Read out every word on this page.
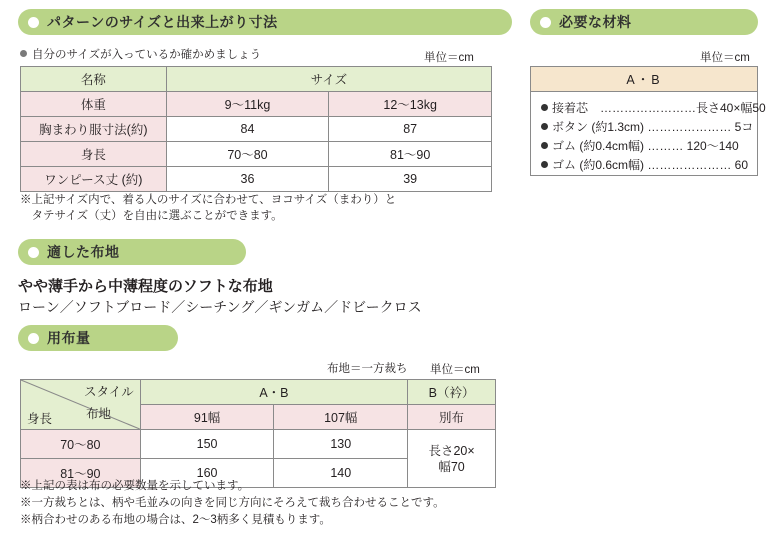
パターンのサイズと出来上がり寸法
自分のサイズが入っているか確かめましょう	単位＝cm
名称	サイズ	
体重	9〜11kg	12〜13kg
胸まわり服寸法(約)	84	87
身長	70〜80	81〜90
ワンピース丈 (約)	36	39
※上記サイズ内で、着る人のサイズに合わせて、ヨコサイズ（まわり）と
　タテサイズ（丈）を自由に選ぶことができます。
必要な材料
単位＝cm
A・B
接着芯　……………………長さ40×幅50
ボタン (約1.3cm) ………………… 5コ
ゴム (約0.4cm幅) ……… 120〜140
ゴム (約0.6cm幅) ………………… 60
適した布地
やや薄手から中薄程度のソフトな布地
ローン／ソフトブロード／シーチング／ギンガム／ドビークロス
用布量
布地＝一方裁ち 単位＝cm
スタイル
身長	A・B		B（衿）
	91幅	107幅	別布
70〜80	150	130	長さ20×
幅70
81〜90	160	140	
布地
※上記の表は布の必要数量を示しています。
※一方裁ちとは、柄や毛並みの向きを同じ方向にそろえて裁ち合わせることです。
※柄合わせのある布地の場合は、2〜3柄多く見積もります。
